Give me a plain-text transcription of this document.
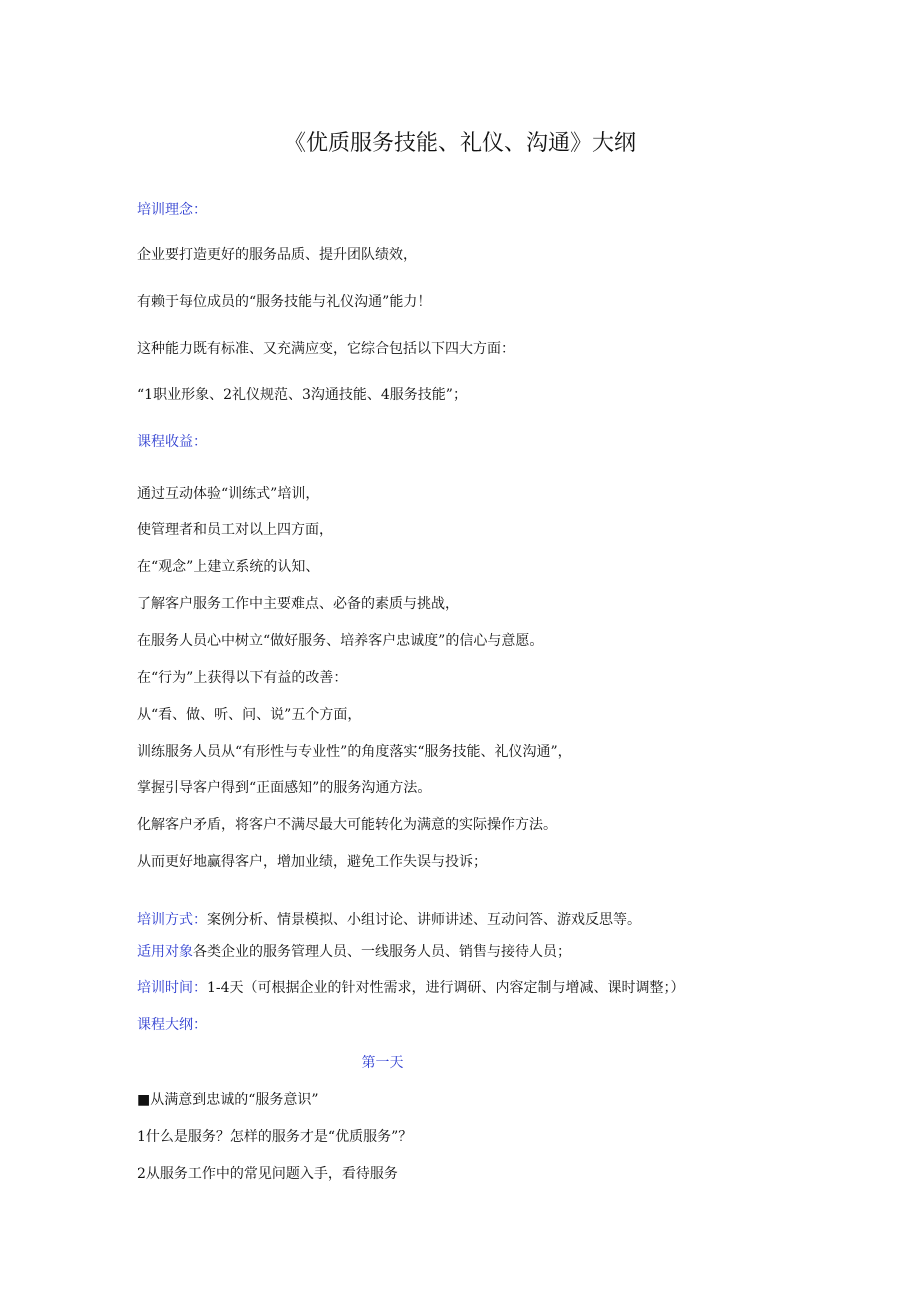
《优质服务技能、礼仪、沟通》大纲
培训理念：
企业要打造更好的服务品质、提升团队绩效，
有赖于每位成员的“服务技能与礼仪沟通”能力！
这种能力既有标准、又充满应变，它综合包括以下四大方面：
“1职业形象、2礼仪规范、3沟通技能、4服务技能”；
课程收益：
通过互动体验“训练式”培训，
使管理者和员工对以上四方面，
在“观念”上建立系统的认知、
了解客户服务工作中主要难点、必备的素质与挑战，
在服务人员心中树立“做好服务、培养客户忠诚度”的信心与意愿。
在“行为”上获得以下有益的改善：
从“看、做、听、问、说”五个方面，
训练服务人员从“有形性与专业性”的角度落实“服务技能、礼仪沟通”，
掌握引导客户得到“正面感知”的服务沟通方法。
化解客户矛盾，将客户不满尽最大可能转化为满意的实际操作方法。
从而更好地赢得客户，增加业绩，避免工作失误与投诉；
培训方式：案例分析、情景模拟、小组讨论、讲师讲述、互动问答、游戏反思等。
适用对象各类企业的服务管理人员、一线服务人员、销售与接待人员；
培训时间：1-4天（可根据企业的针对性需求，进行调研、内容定制与增减、课时调整；）
课程大纲：
第一天
■从满意到忠诚的“服务意识”
1什么是服务？怎样的服务才是“优质服务”？
2从服务工作中的常见问题入手，看待服务
